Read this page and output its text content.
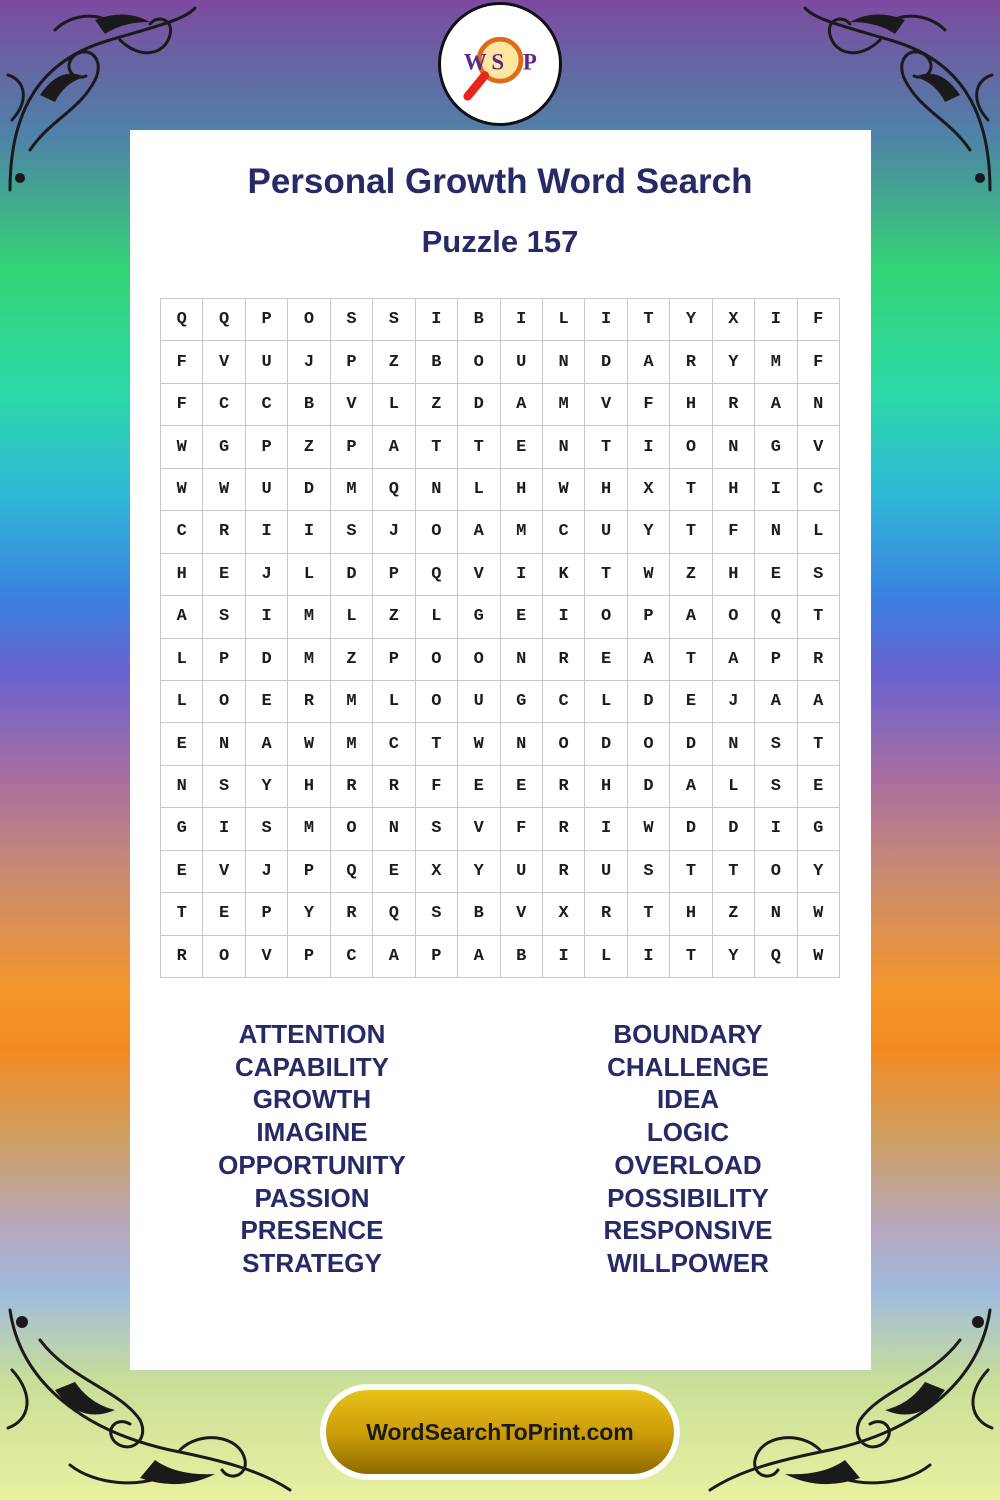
W S P
Personal Growth Word Search
Puzzle 157
Q	Q	P	O	S	S	I	B	I	L	I	T	Y	X	I	F
F	V	U	J	P	Z	B	O	U	N	D	A	R	Y	M	F
F	C	C	B	V	L	Z	D	A	M	V	F	H	R	A	N
W	G	P	Z	P	A	T	T	E	N	T	I	O	N	G	V
W	W	U	D	M	Q	N	L	H	W	H	X	T	H	I	C
C	R	I	I	S	J	O	A	M	C	U	Y	T	F	N	L
H	E	J	L	D	P	Q	V	I	K	T	W	Z	H	E	S
A	S	I	M	L	Z	L	G	E	I	O	P	A	O	Q	T
L	P	D	M	Z	P	O	O	N	R	E	A	T	A	P	R
L	O	E	R	M	L	O	U	G	C	L	D	E	J	A	A
E	N	A	W	M	C	T	W	N	O	D	O	D	N	S	T
N	S	Y	H	R	R	F	E	E	R	H	D	A	L	S	E
G	I	S	M	O	N	S	V	F	R	I	W	D	D	I	G
E	V	J	P	Q	E	X	Y	U	R	U	S	T	T	O	Y
T	E	P	Y	R	Q	S	B	V	X	R	T	H	Z	N	W
R	O	V	P	C	A	P	A	B	I	L	I	T	Y	Q	W
ATTENTION
CAPABILITY
GROWTH
IMAGINE
OPPORTUNITY
PASSION
PRESENCE
STRATEGY
BOUNDARY
CHALLENGE
IDEA
LOGIC
OVERLOAD
POSSIBILITY
RESPONSIVE
WILLPOWER
WordSearchToPrint.com
